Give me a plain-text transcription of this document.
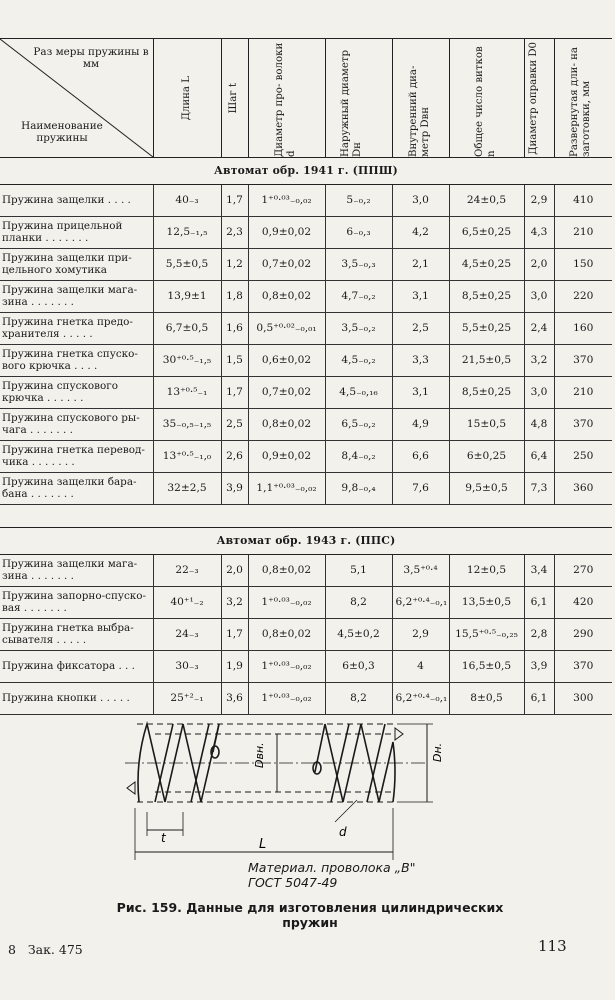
Раз меры пружины в мм
Наименование пружины	Длина L	Шаг t	Диаметр про- волоки d	Наружный диаметр Dн	Внутренний диа- метр Dвн	Общее число витков n	Диаметр оправки D0	Развернутая дли- на заготовки, мм

Автомат обр. 1941 г. (ППШ)								
Пружина защелки . . . .	40₋₃	1,7	1⁺⁰·⁰³₋₀,₀₂	5₋₀,₂	3,0	24±0,5	2,9	410
Пружина прицельной планки . . . . . . .	12,5₋₁,₅	2,3	0,9±0,02	6₋₀,₃	4,2	6,5±0,25	4,3	210
Пружина защелки при- цельного хомутика	5,5±0,5	1,2	0,7±0,02	3,5₋₀,₃	2,1	4,5±0,25	2,0	150
Пружина защелки мага- зина . . . . . . .	13,9±1	1,8	0,8±0,02	4,7₋₀,₂	3,1	8,5±0,25	3,0	220
Пружина гнетка предо- хранителя . . . . .	6,7±0,5	1,6	0,5⁺⁰·⁰²₋₀,₀₁	3,5₋₀,₂	2,5	5,5±0,25	2,4	160
Пружина гнетка спуско- вого крючка . . . .	30⁺⁰·⁵₋₁,₅	1,5	0,6±0,02	4,5₋₀,₂	3,3	21,5±0,5	3,2	370
Пружина спускового крючка . . . . . .	13⁺⁰·⁵₋₁	1,7	0,7±0,02	4,5₋₀,₁₆	3,1	8,5±0,25	3,0	210
Пружина спускового ры- чага . . . . . . .	35₋₀,₅₋₁,₅	2,5	0,8±0,02	6,5₋₀,₂	4,9	15±0,5	4,8	370
Пружина гнетка перевод- чика . . . . . . .	13⁺⁰·⁵₋₁,₀	2,6	0,9±0,02	8,4₋₀,₂	6,6	6±0,25	6,4	250
Пружина защелки бара- бана . . . . . . .	32±2,5	3,9	1,1⁺⁰·⁰³₋₀,₀₂	9,8₋₀,₄	7,6	9,5±0,5	7,3	360

Автомат обр. 1943 г. (ППС)								
Пружина защелки мага- зина . . . . . . .	22₋₃	2,0	0,8±0,02	5,1	3,5⁺⁰·⁴	12±0,5	3,4	270
Пружина запорно-спуско- вая . . . . . . .	40⁺¹₋₂	3,2	1⁺⁰·⁰³₋₀,₀₂	8,2	6,2⁺⁰·⁴₋₀,₁	13,5±0,5	6,1	420
Пружина гнетка выбра- сывателя . . . . .	24₋₃	1,7	0,8±0,02	4,5±0,2	2,9	15,5⁺⁰·⁵₋₀,₂₅	2,8	290
Пружина фиксатора . . .	30₋₃	1,9	1⁺⁰·⁰³₋₀,₀₂	6±0,3	4	16,5±0,5	3,9	370
Пружина кнопки . . . . .	25⁺²₋₁	3,6	1⁺⁰·⁰³₋₀,₀₂	8,2	6,2⁺⁰·⁴₋₀,₁	8±0,5	6,1	300
Dвн.	Dн.
t	d
L
Материал. проволока „В"
ГОСТ 5047-49
Рис. 159. Данные для изготовления цилиндрических пружин
8   Зак. 475	113
